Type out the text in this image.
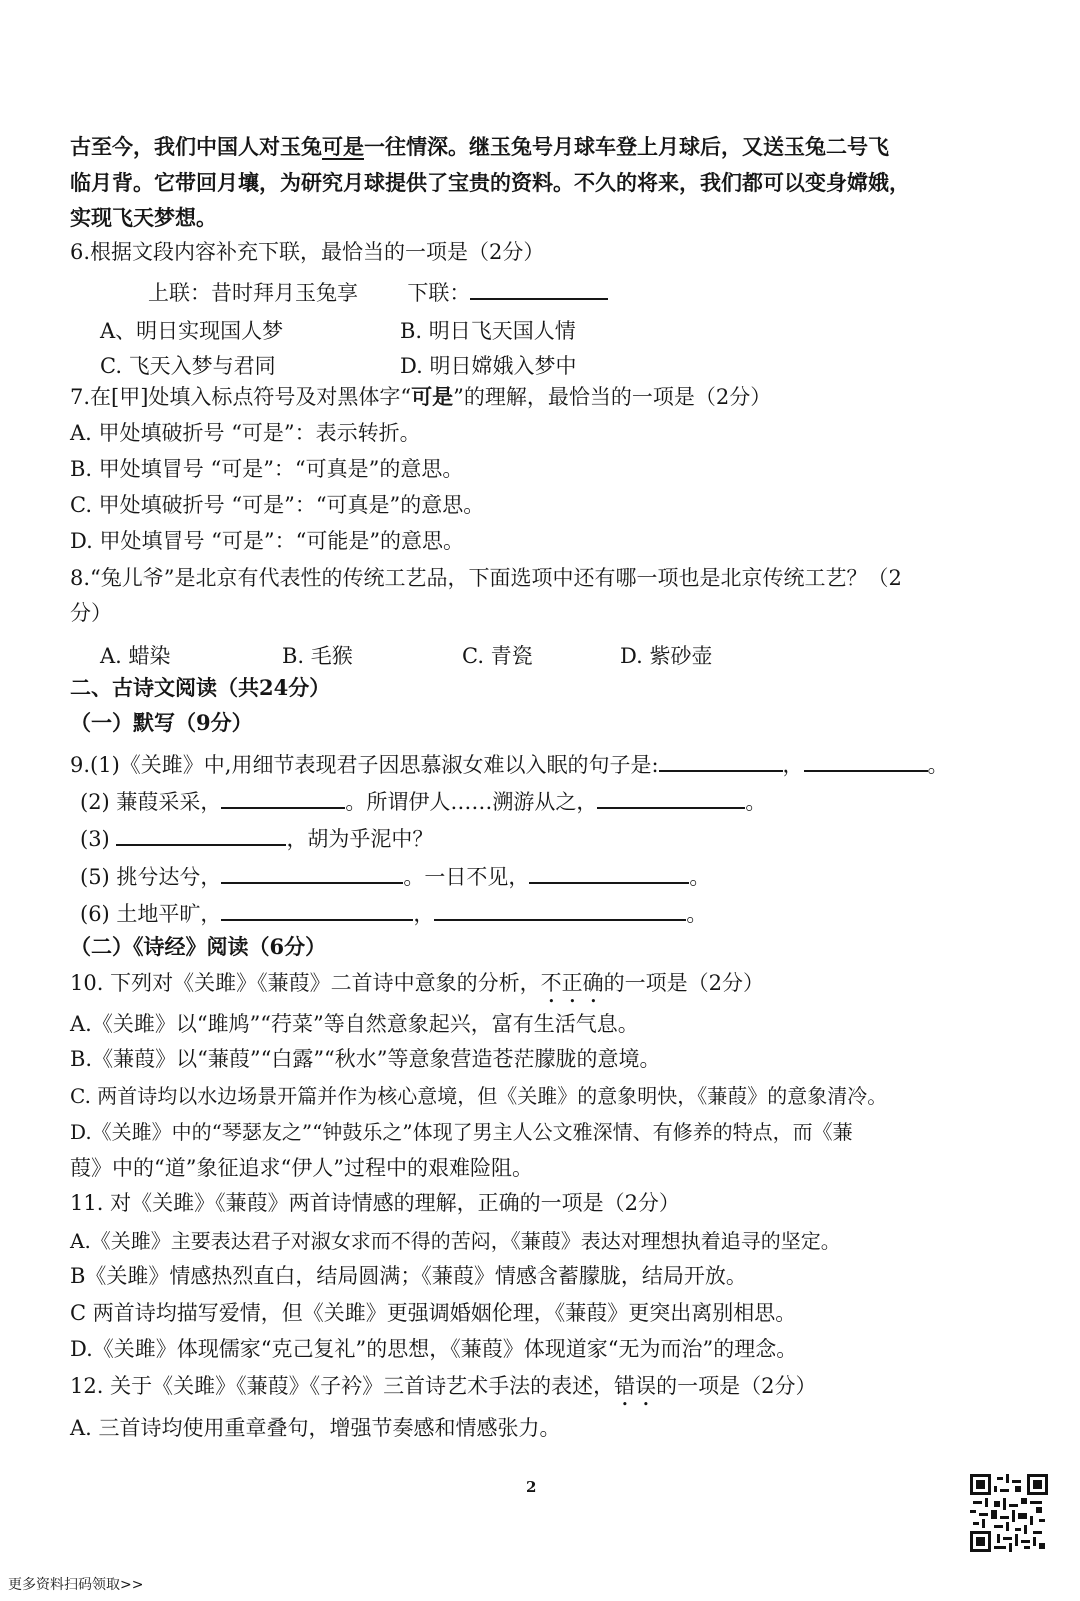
古至今，我们中国人对玉兔可是一往情深。继玉兔号月球车登上月球后，又送玉兔二号飞
临月背。它带回月壤，为研究月球提供了宝贵的资料。不久的将来，我们都可以变身嫦娥，
实现飞天梦想。
6.根据文段内容补充下联，最恰当的一项是（2分）
上联：昔时拜月玉兔享 下联：
A、明日实现国人梦	B. 明日飞天国人情
C. 飞天入梦与君同	D. 明日嫦娥入梦中
7.在[甲]处填入标点符号及对黑体字“可是”的理解，最恰当的一项是（2分）
A. 甲处填破折号 “可是”：表示转折。
B. 甲处填冒号 “可是”：“可真是”的意思。
C. 甲处填破折号 “可是”：“可真是”的意思。
D. 甲处填冒号 “可是”：“可能是”的意思。
8.“兔儿爷”是北京有代表性的传统工艺品，下面选项中还有哪一项也是北京传统工艺？（2
分）
A. 蜡染	B. 毛猴	C. 青瓷	D. 紫砂壶
二、古诗文阅读（共24分）
（一）默写（9分）
9.(1)《关雎》中,用细节表现君子因思慕淑女难以入眠的句子是:	，	。
(2) 蒹葭采采，	。所谓伊人……溯游从之，	。
(3)	，胡为乎泥中？
(5) 挑兮达兮，	。一日不见，	。
(6) 土地平旷，	，	。
（二）《诗经》阅读（6分）
10. 下列对《关雎》《蒹葭》二首诗中意象的分析，不正确的一项是（2分）
A.《关雎》以“雎鸠”“荇菜”等自然意象起兴，富有生活气息。
B.《蒹葭》以“蒹葭”“白露”“秋水”等意象营造苍茫朦胧的意境。
C. 两首诗均以水边场景开篇并作为核心意境，但《关雎》的意象明快，《蒹葭》的意象清冷。
D.《关雎》中的“琴瑟友之”“钟鼓乐之”体现了男主人公文雅深情、有修养的特点，而《蒹
葭》中的“道”象征追求“伊人”过程中的艰难险阻。
11. 对《关雎》《蒹葭》两首诗情感的理解，正确的一项是（2分）
A.《关雎》主要表达君子对淑女求而不得的苦闷，《蒹葭》表达对理想执着追寻的坚定。
B《关雎》情感热烈直白，结局圆满；《蒹葭》情感含蓄朦胧，结局开放。
C 两首诗均描写爱情，但《关雎》更强调婚姻伦理，《蒹葭》更突出离别相思。
D.《关雎》体现儒家“克己复礼”的思想，《蒹葭》体现道家“无为而治”的理念。
12. 关于《关雎》《蒹葭》《子衿》三首诗艺术手法的表述，错误的一项是（2分）
A. 三首诗均使用重章叠句，增强节奏感和情感张力。
2
更多资料扫码领取>>
